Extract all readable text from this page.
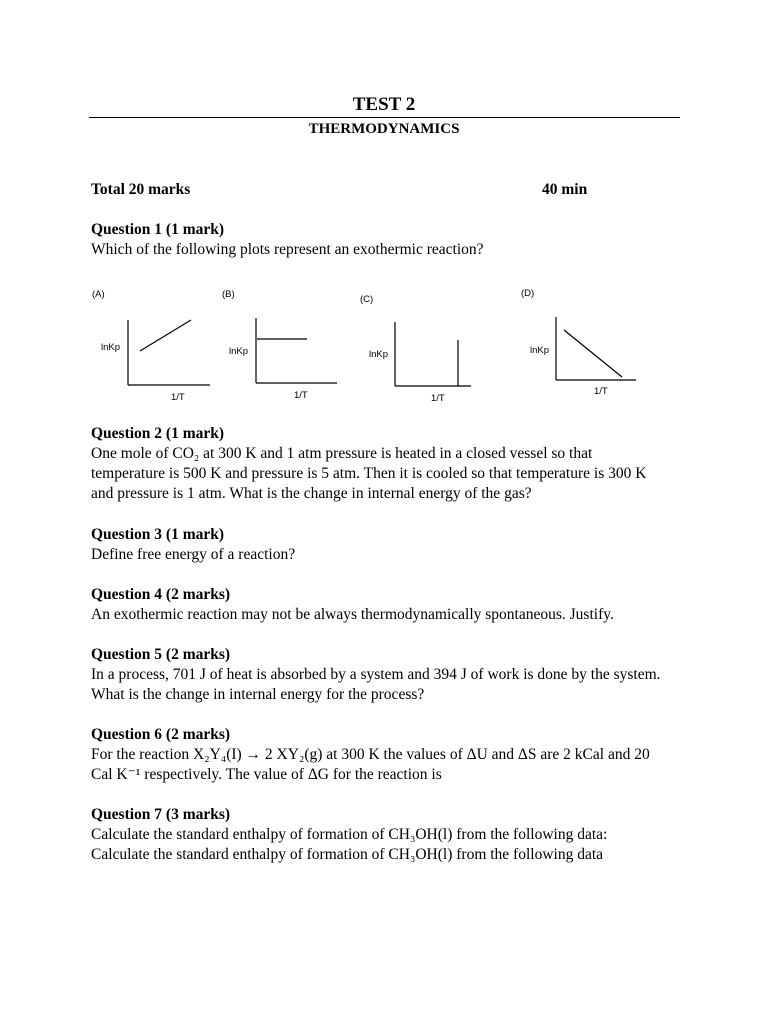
TEST 2
THERMODYNAMICS
Total 20 marks	40 min
Question 1 (1 mark)
Which of the following plots represent an exothermic reaction?
(A)
lnKp
1/T
(B)
lnKp
1/T
(C)
lnKp
1/T
(D)
lnKp
1/T
Question 2 (1 mark)
One mole of CO₂ at 300 K and 1 atm pressure is heated in a closed vessel so that temperature is 500 K and pressure is 5 atm. Then it is cooled so that temperature is 300 K and pressure is 1 atm. What is the change in internal energy of the gas?
Question 3 (1 mark)
Define free energy of a reaction?
Question 4 (2 marks)
An exothermic reaction may not be always thermodynamically spontaneous. Justify.
Question 5 (2 marks)
In a process, 701 J of heat is absorbed by a system and 394 J of work is done by the system. What is the change in internal energy for the process?
Question 6 (2 marks)
For the reaction X₂Y₄(I) → 2 XY₂(g) at 300 K the values of ΔU and ΔS are 2 kCal and 20 Cal K⁻¹ respectively. The value of ΔG for the reaction is
Question 7 (3 marks)
Calculate the standard enthalpy of formation of CH₃OH(l) from the following data:
Calculate the standard enthalpy of formation of CH₃OH(l) from the following data
